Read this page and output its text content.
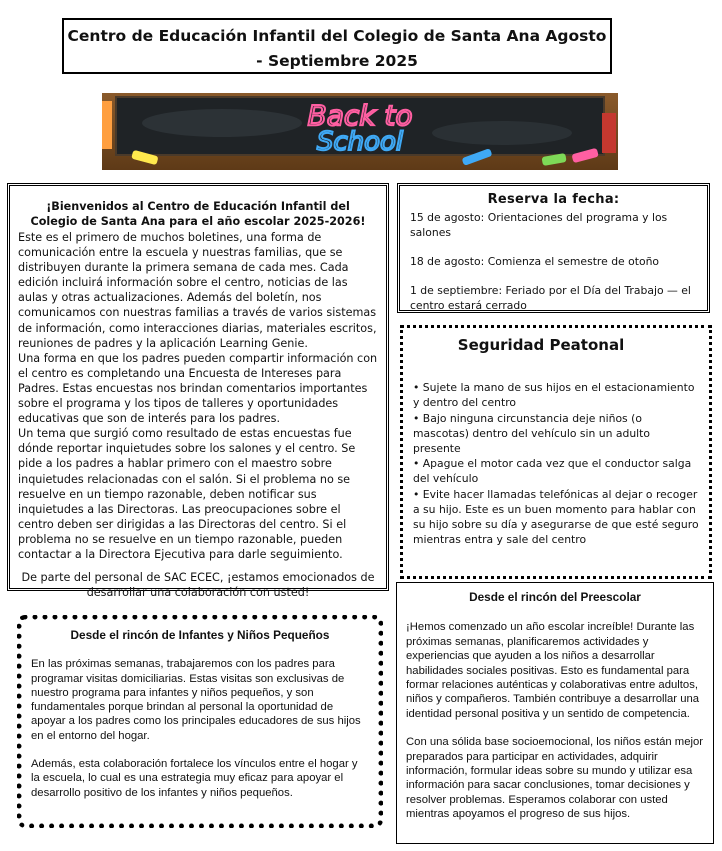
Centro de Educación Infantil del Colegio de Santa Ana Agosto - Septiembre 2025
Back to
School
¡Bienvenidos al Centro de Educación Infantil del Colegio de Santa Ana para el año escolar 2025-2026!

Este es el primero de muchos boletines, una forma de comunicación entre la escuela y nuestras familias, que se distribuyen durante la primera semana de cada mes. Cada edición incluirá información sobre el centro, noticias de las aulas y otras actualizaciones. Además del boletín, nos comunicamos con nuestras familias a través de varios sistemas de información, como interacciones diarias, materiales escritos, reuniones de padres y la aplicación Learning Genie.

Una forma en que los padres pueden compartir información con el centro es completando una Encuesta de Intereses para Padres. Estas encuestas nos brindan comentarios importantes sobre el programa y los tipos de talleres y oportunidades educativas que son de interés para los padres.

Un tema que surgió como resultado de estas encuestas fue dónde reportar inquietudes sobre los salones y el centro. Se pide a los padres a hablar primero con el maestro sobre inquietudes relacionadas con el salón. Si el problema no se resuelve en un tiempo razonable, deben notificar sus inquietudes a las Directoras. Las preocupaciones sobre el centro deben ser dirigidas a las Directoras del centro. Si el problema no se resuelve en un tiempo razonable, pueden contactar a la Directora Ejecutiva para darle seguimiento.

De parte del personal de SAC ECEC, ¡estamos emocionados de desarrollar una colaboración con usted!

Reserva la fecha:

15 de agosto: Orientaciones del programa y los salones

18 de agosto: Comienza el semestre de otoño

1 de septiembre: Feriado por el Día del Trabajo — el centro estará cerrado

Seguridad Peatonal
• Sujete la mano de sus hijos en el estacionamiento y dentro del centro
• Bajo ninguna circunstancia deje niños (o mascotas) dentro del vehículo sin un adulto presente
• Apague el motor cada vez que el conductor salga del vehículo
• Evite hacer llamadas telefónicas al dejar o recoger a su hijo. Este es un buen momento para hablar con su hijo sobre su día y asegurarse de que esté seguro mientras entra y sale del centro
Desde el rincón de Infantes y Niños Pequeños

En las próximas semanas, trabajaremos con los padres para programar visitas domiciliarias. Estas visitas son exclusivas de nuestro programa para infantes y niños pequeños, y son fundamentales porque brindan al personal la oportunidad de apoyar a los padres como los principales educadores de sus hijos en el entorno del hogar.

Además, esta colaboración fortalece los vínculos entre el hogar y la escuela, lo cual es una estrategia muy eficaz para apoyar el desarrollo positivo de los infantes y niños pequeños.

Desde el rincón del Preescolar

¡Hemos comenzado un año escolar increíble! Durante las próximas semanas, planificaremos actividades y experiencias que ayuden a los niños a desarrollar habilidades sociales positivas. Esto es fundamental para formar relaciones auténticas y colaborativas entre adultos, niños y compañeros. También contribuye a desarrollar una identidad personal positiva y un sentido de competencia.

Con una sólida base socioemocional, los niños están mejor preparados para participar en actividades, adquirir información, formular ideas sobre su mundo y utilizar esa información para sacar conclusiones, tomar decisiones y resolver problemas. Esperamos colaborar con usted mientras apoyamos el progreso de sus hijos.
